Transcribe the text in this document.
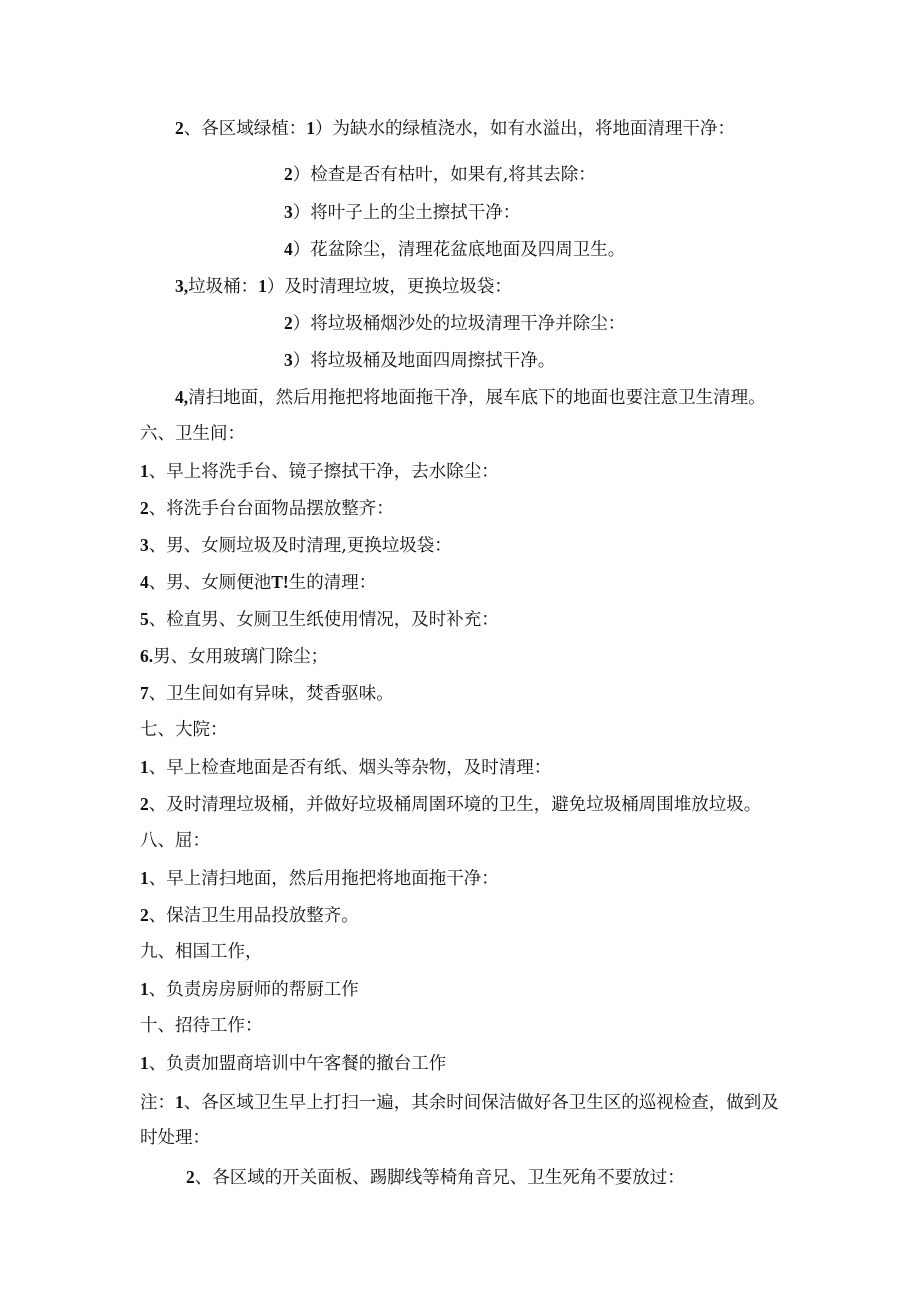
2、各区域绿植：1）为缺水的绿植浇水，如有水溢出，将地面清理干净：
2）检查是否有枯叶，如果有,将其去除：
3）将叶子上的尘土擦拭干净：
4）花盆除尘，清理花盆底地面及四周卫生。
3,垃圾桶：1）及时清理垃坡，更换垃圾袋：
2）将垃圾桶烟沙处的垃圾清理干净并除尘：
3）将垃圾桶及地面四周擦拭干净。
4,清扫地面，然后用拖把将地面拖干净，展车底下的地面也要注意卫生清理。
六、卫生间：
1、早上将洗手台、镜子擦拭干净，去水除尘：
2、将洗手台台面物品摆放整齐：
3、男、女厕垃圾及时清理,更换垃圾袋：
4、男、女厕便池T!生的清理：
5、检直男、女厕卫生纸使用情况，及时补充：
6.男、女用玻璃门除尘；
7、卫生间如有异味，焚香驱味。
七、大院：
1、早上检查地面是否有纸、烟头等杂物，及时清理：
2、及时清理垃圾桶，并做好垃圾桶周圉环境的卫生，避免垃圾桶周围堆放垃圾。
八、屈：
1、早上清扫地面，然后用拖把将地面拖干净：
2、保洁卫生用品投放整齐。
九、相国工作，
1、负责房房厨师的帮厨工作
十、招待工作：
1、负责加盟商培训中午客餐的撤台工作
注：1、各区域卫生早上打扫一遍，其余时间保洁做好各卫生区的巡视检查，做到及
时处理：
2、各区域的开关面板、踢脚线等椅角音兄、卫生死角不要放过：
